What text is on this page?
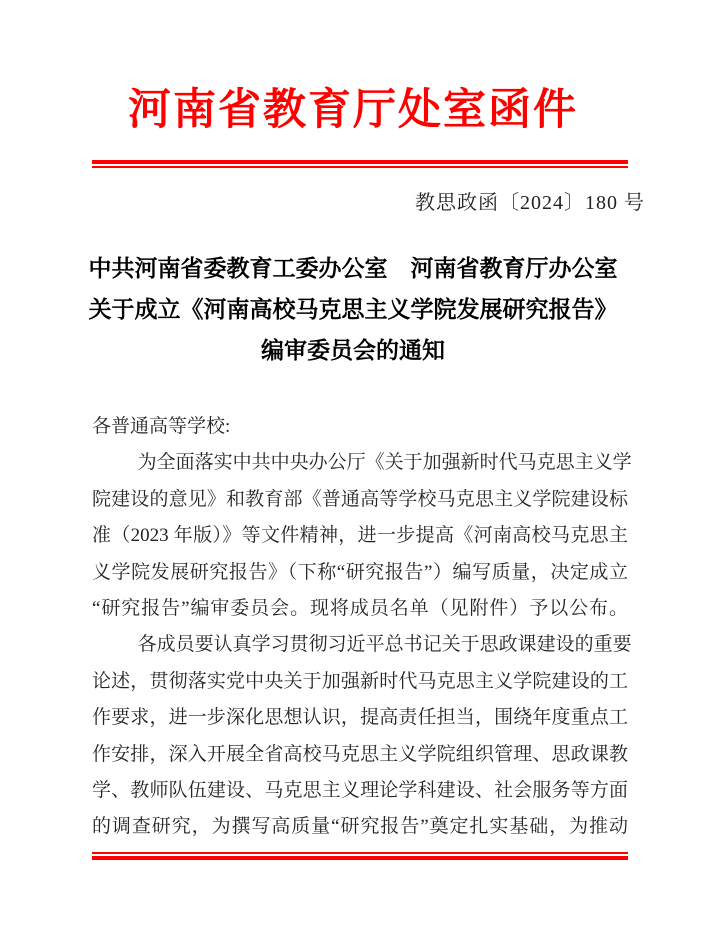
河南省教育厅处室函件
教思政函〔2024〕180 号
中共河南省委教育工委办公室　河南省教育厅办公室
关于成立《河南高校马克思主义学院发展研究报告》
编审委员会的通知
各普通高等学校:
为全面落实中共中央办公厅《关于加强新时代马克思主义学
院建设的意见》和教育部《普通高等学校马克思主义学院建设标
准（2023 年版）》等文件精神，进一步提高《河南高校马克思主
义学院发展研究报告》（下称“研究报告”）编写质量，决定成立
“研究报告”编审委员会。现将成员名单（见附件）予以公布。
各成员要认真学习贯彻习近平总书记关于思政课建设的重要
论述，贯彻落实党中央关于加强新时代马克思主义学院建设的工
作要求，进一步深化思想认识，提高责任担当，围绕年度重点工
作安排，深入开展全省高校马克思主义学院组织管理、思政课教
学、教师队伍建设、马克思主义理论学科建设、社会服务等方面
的调查研究，为撰写高质量“研究报告”奠定扎实基础，为推动
